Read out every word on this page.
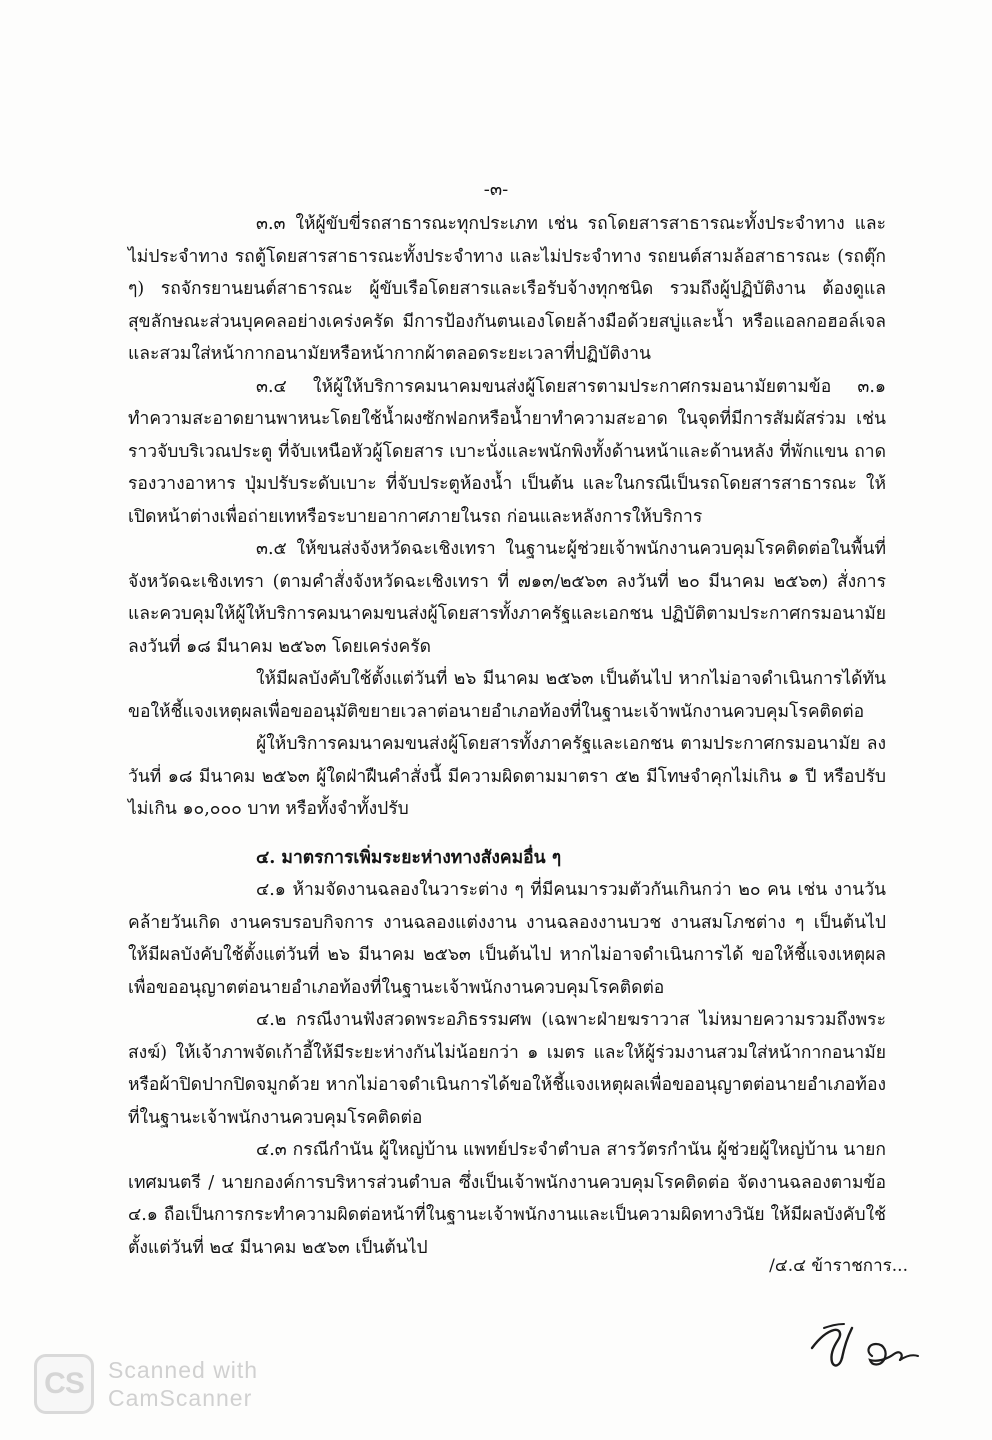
-๓-

๓.๓ ให้ผู้ขับขี่รถสาธารณะทุกประเภท เช่น รถโดยสารสาธารณะทั้งประจำทาง และไม่ประจำทาง รถตู้โดยสารสาธารณะทั้งประจำทาง และไม่ประจำทาง รถยนต์สามล้อสาธารณะ (รถตุ๊ก ๆ) รถจักรยานยนต์สาธารณะ ผู้ขับเรือโดยสารและเรือรับจ้างทุกชนิด รวมถึงผู้ปฏิบัติงาน ต้องดูแลสุขลักษณะส่วนบุคคลอย่างเคร่งครัด มีการป้องกันตนเองโดยล้างมือด้วยสบู่และน้ำ หรือแอลกอฮอล์เจล และสวมใส่หน้ากากอนามัยหรือหน้ากากผ้าตลอดระยะเวลาที่ปฏิบัติงาน

๓.๔ ให้ผู้ให้บริการคมนาคมขนส่งผู้โดยสารตามประกาศกรมอนามัยตามข้อ ๓.๑ ทำความสะอาดยานพาหนะโดยใช้น้ำผงซักฟอกหรือน้ำยาทำความสะอาด ในจุดที่มีการสัมผัสร่วม เช่น ราวจับบริเวณประตู ที่จับเหนือหัวผู้โดยสาร เบาะนั่งและพนักพิงทั้งด้านหน้าและด้านหลัง ที่พักแขน ถาดรองวางอาหาร ปุ่มปรับระดับเบาะ ที่จับประตูห้องน้ำ เป็นต้น และในกรณีเป็นรถโดยสารสาธารณะ ให้เปิดหน้าต่างเพื่อถ่ายเทหรือระบายอากาศภายในรถ ก่อนและหลังการให้บริการ

๓.๕ ให้ขนส่งจังหวัดฉะเชิงเทรา ในฐานะผู้ช่วยเจ้าพนักงานควบคุมโรคติดต่อในพื้นที่จังหวัดฉะเชิงเทรา (ตามคำสั่งจังหวัดฉะเชิงเทรา ที่ ๗๑๓/๒๕๖๓ ลงวันที่ ๒๐ มีนาคม ๒๕๖๓) สั่งการและควบคุมให้ผู้ให้บริการคมนาคมขนส่งผู้โดยสารทั้งภาครัฐและเอกชน ปฏิบัติตามประกาศกรมอนามัย ลงวันที่ ๑๘ มีนาคม ๒๕๖๓ โดยเคร่งครัด

ให้มีผลบังคับใช้ตั้งแต่วันที่ ๒๖ มีนาคม ๒๕๖๓ เป็นต้นไป หากไม่อาจดำเนินการได้ทัน ขอให้ชี้แจงเหตุผลเพื่อขออนุมัติขยายเวลาต่อนายอำเภอท้องที่ในฐานะเจ้าพนักงานควบคุมโรคติดต่อ

ผู้ให้บริการคมนาคมขนส่งผู้โดยสารทั้งภาครัฐและเอกชน ตามประกาศกรมอนามัย ลงวันที่ ๑๘ มีนาคม ๒๕๖๓ ผู้ใดฝ่าฝืนคำสั่งนี้ มีความผิดตามมาตรา ๕๒ มีโทษจำคุกไม่เกิน ๑ ปี หรือปรับไม่เกิน ๑๐,๐๐๐ บาท หรือทั้งจำทั้งปรับ

๔. มาตรการเพิ่มระยะห่างทางสังคมอื่น ๆ

๔.๑ ห้ามจัดงานฉลองในวาระต่าง ๆ ที่มีคนมารวมตัวกันเกินกว่า ๒๐ คน เช่น งานวันคล้ายวันเกิด งานครบรอบกิจการ งานฉลองแต่งงาน งานฉลองงานบวช งานสมโภชต่าง ๆ เป็นต้นไป ให้มีผลบังคับใช้ตั้งแต่วันที่ ๒๖ มีนาคม ๒๕๖๓ เป็นต้นไป หากไม่อาจดำเนินการได้ ขอให้ชี้แจงเหตุผลเพื่อขออนุญาตต่อนายอำเภอท้องที่ในฐานะเจ้าพนักงานควบคุมโรคติดต่อ

๔.๒ กรณีงานฟังสวดพระอภิธรรมศพ (เฉพาะฝ่ายฆราวาส ไม่หมายความรวมถึงพระสงฆ์) ให้เจ้าภาพจัดเก้าอี้ให้มีระยะห่างกันไม่น้อยกว่า ๑ เมตร และให้ผู้ร่วมงานสวมใส่หน้ากากอนามัยหรือผ้าปิดปากปิดจมูกด้วย หากไม่อาจดำเนินการได้ขอให้ชี้แจงเหตุผลเพื่อขออนุญาตต่อนายอำเภอท้องที่ในฐานะเจ้าพนักงานควบคุมโรคติดต่อ

๔.๓ กรณีกำนัน ผู้ใหญ่บ้าน แพทย์ประจำตำบล สารวัตรกำนัน ผู้ช่วยผู้ใหญ่บ้าน นายกเทศมนตรี / นายกองค์การบริหารส่วนตำบล ซึ่งเป็นเจ้าพนักงานควบคุมโรคติดต่อ จัดงานฉลองตามข้อ ๔.๑ ถือเป็นการกระทำความผิดต่อหน้าที่ในฐานะเจ้าพนักงานและเป็นความผิดทางวินัย ให้มีผลบังคับใช้ตั้งแต่วันที่ ๒๔ มีนาคม ๒๕๖๓ เป็นต้นไป

/๔.๔ ข้าราชการ...
CS	Scanned with
CamScanner
